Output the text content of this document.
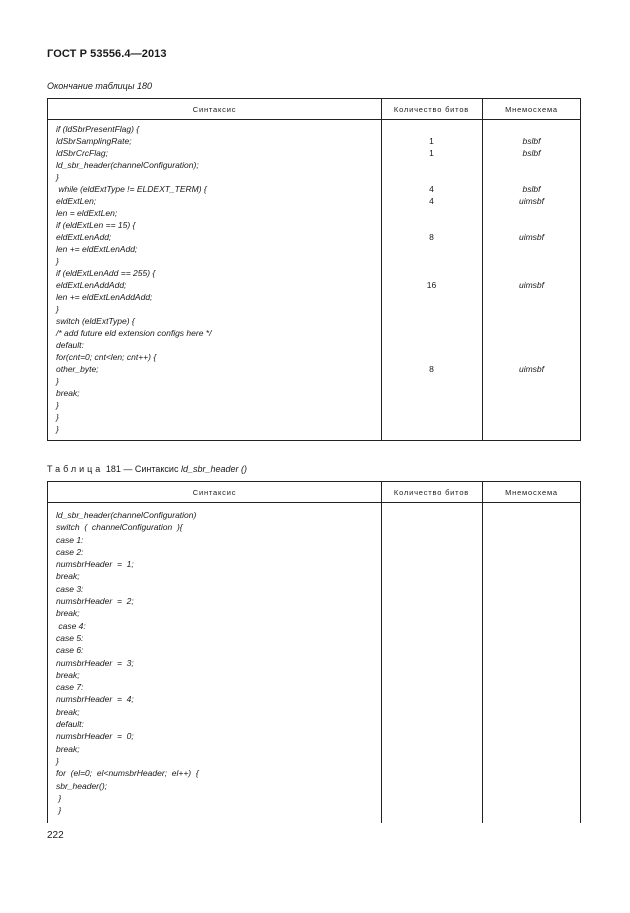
ГОСТ Р 53556.4—2013
Окончание таблицы 180
Синтаксис	Количество битов	Мнемосхема
if (ldSbrPresentFlag) {
ldSbrSamplingRate;	1	bslbf
ldSbrCrcFlag;	1	bslbf
ld_sbr_header(channelConfiguration);
}
while (eldExtType != ELDEXT_TERM) {	4	bslbf
eldExtLen;	4	uimsbf
len = eldExtLen;
if (eldExtLen == 15) {
eldExtLenAdd;	8	uimsbf
len += eldExtLenAdd;
}
if (eldExtLenAdd == 255) {
eldExtLenAddAdd;	16	uimsbf
len += eldExtLenAddAdd;
}
switch (eldExtType) {
/* add future eld extension configs here */
default:
for(cnt=0; cnt<len; cnt++) {
other_byte;	8	uimsbf
}
break;
}
}
}
Таблица 181 — Синтаксис ld_sbr_header ()
Синтаксис	Количество битов	Мнемосхема
ld_sbr_header(channelConfiguration)
switch  (  channelConfiguration  ){
case 1:
case 2:
numsbrHeader  =  1;
break;
case 3:
numsbrHeader  =  2;
break;
case 4:
case 5:
case 6:
numsbrHeader  =  3;
break;
case 7:
numsbrHeader  =  4;
break;
default:
numsbrHeader  =  0;
break;
}
for  (el=0;  el<numsbrHeader;  el++)  {
sbr_header();
}
}
222
